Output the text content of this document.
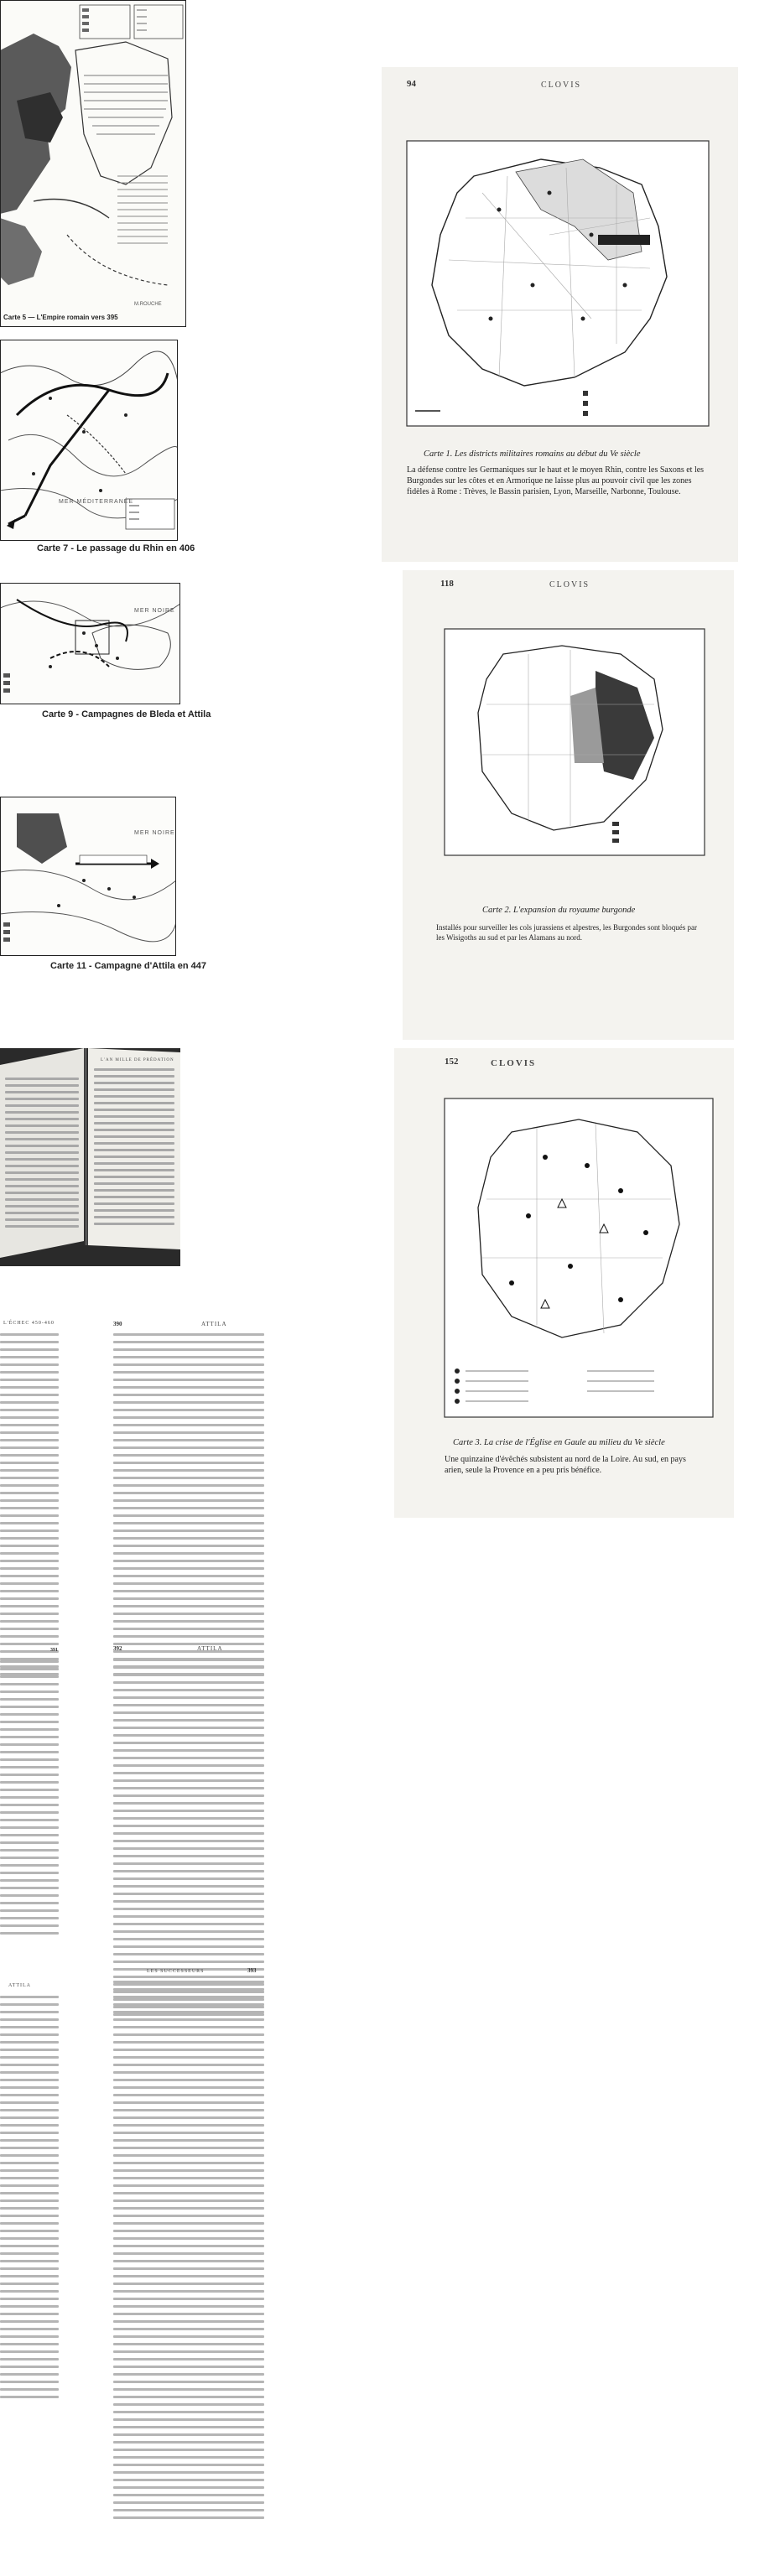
M.ROUCHE
Carte 5 — L'Empire romain vers 395
MER MÉDITERRANÉE
Carte 7 - Le passage du Rhin en 406
MER NOIRE
Carte 9 - Campagnes de Bleda et Attila
MER NOIRE
Carte 11 - Campagne d'Attila en 447
L'AN MILLE DE PRÉDATION
94	CLOVIS
Carte 1. Les districts militaires romains au début du Ve siècle
La défense contre les Germaniques sur le haut et le moyen Rhin, contre les Saxons et les Burgondes sur les côtes et en Armorique ne laisse plus au pouvoir civil que les zones fidèles à Rome : Trèves, le Bassin parisien, Lyon, Marseille, Narbonne, Toulouse.
118	CLOVIS
Carte 2. L'expansion du royaume burgonde
Installés pour surveiller les cols jurassiens et alpestres, les Burgondes sont bloqués par les Wisigoths au sud et par les Alamans au nord.
152	CLOVIS
Carte 3. La crise de l'Église en Gaule au milieu du Ve siècle
Une quinzaine d'évêchés subsistent au nord de la Loire. Au sud, en pays arien, seule la Provence en a peu pris bénéfice.
L'ÉCHEC 450-460	390	ATTILA
391	392	ATTILA
ATTILA
LES SUCCESSEURS	393
